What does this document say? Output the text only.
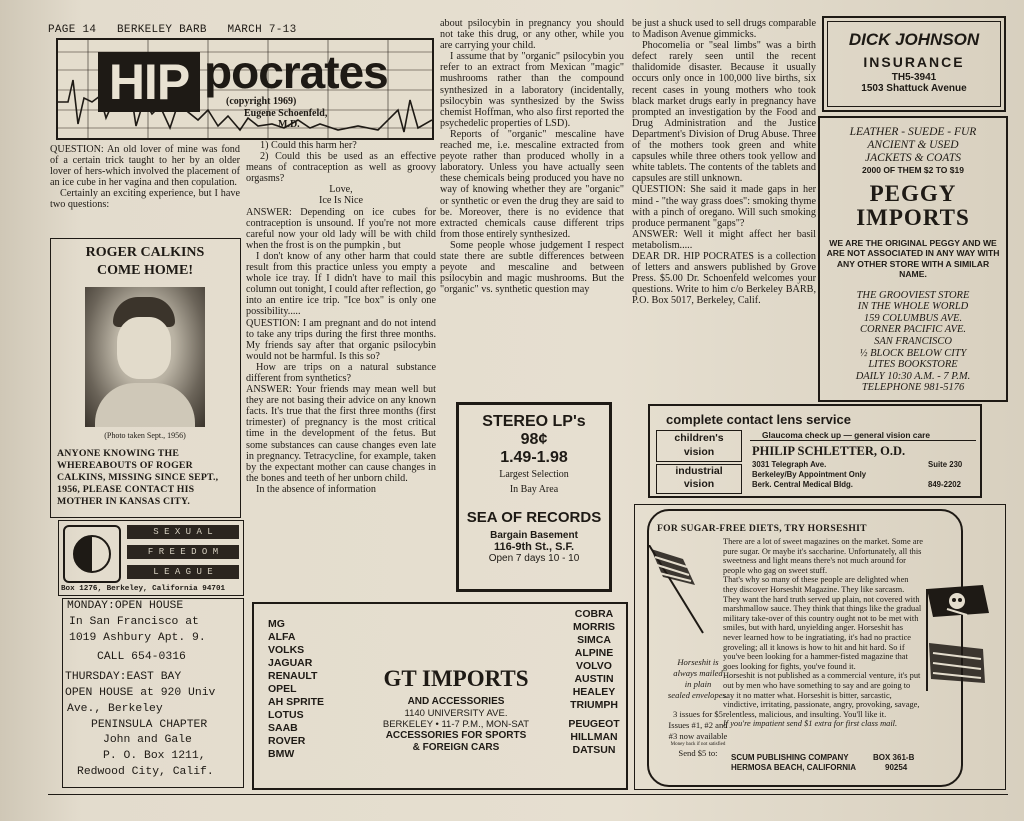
PAGE 14 BERKELEY BARB MARCH 7-13
HIP pocrates
(copyright 1969)
Eugene Schoenfeld,
M.D.

QUESTION: An old lover of mine was fond of a certain trick taught to her by an older lover of hers-which involved the placement of an ice cube in her vagina and then copulation.

Certainly an exciting experience, but I have two questions:

ROGER CALKINS
COME HOME!
(Photo taken Sept., 1956)
ANYONE KNOWING THE WHEREABOUTS OF ROGER CALKINS, MISSING SINCE SEPT., 1956, PLEASE CONTACT HIS MOTHER IN KANSAS CITY.
S E X U A L
F R E E D O M
L E A G U E
Box 1276, Berkeley, California 94701
MONDAY:OPEN HOUSE
In San Francisco at
1019 Ashbury Apt. 9.
CALL 654-0316
THURSDAY:EAST BAY
OPEN HOUSE at 920 Univ
Ave., Berkeley
PENINSULA CHAPTER
John and Gale
P. O. Box 1211,
Redwood City, Calif.

1) Could this harm her?

2) Could this be used as an effective means of contraception as well as groovy orgasms?

Love,

Ice Is Nice

ANSWER: Depending on ice cubes for contraception is unsound. If you're not more careful now your old lady will be with child when the frost is on the pumpkin , but

I don't know of any other harm that could result from this practice unless you empty a whole ice tray. If I didn't have to mail this column out tonight, I could after reflection, go into an entire ice trip. "Ice box" is only one possibility.....

QUESTION: I am pregnant and do not intend to take any trips during the first three months. My friends say after that organic psilocybin would not be harmful. Is this so?

How are trips on a natural substance different from synthetics?

ANSWER: Your friends may mean well but they are not basing their advice on any known facts. It's true that the first three months (first trimester) of pregnancy is the most critical time in the development of the fetus. But some substances can cause changes even late in pregnancy. Tetracycline, for example, taken by the expectant mother can cause changes in the bones and teeth of her unborn child.

In the absence of information

about psilocybin in pregnancy you should not take this drug, or any other, while you are carrying your child.

I assume that by "organic" psilocybin you refer to an extract from Mexican "magic" mushrooms rather than the compound synthesized in a laboratory (incidentally, psilocybin was synthesized by the Swiss chemist Hoffman, who also first reported the psychedelic properties of LSD).

Reports of "organic" mescaline have reached me, i.e. mescaline extracted from peyote rather than produced wholly in a laboratory. Unless you have actually seen these chemicals being produced you have no way of knowing whether they are "organic" or synthetic or even the drug they are said to be. Moreover, there is no evidence that extracted chemicals cause different trips from those entirely synthesized.

Some people whose judgement I respect state there are subtle differences between peyote and mescaline and between psilocybin and magic mushrooms. But the "organic" vs. synthetic question may

be just a shuck used to sell drugs comparable to Madison Avenue gimmicks.

Phocomelia or "seal limbs" was a birth defect rarely seen until the recent thalidomide disaster. Because it usually occurs only once in 100,000 live births, six recent cases in young mothers who took black market drugs early in pregnancy have prompted an investigation by the Food and Drug Administration and the Justice Department's Division of Drug Abuse. Three of the mothers took green and white capsules while three others took yellow and white tablets. The contents of the tablets and capsules are still unknown.

QUESTION: She said it made gaps in her mind - "the way grass does": smoking thyme with a pinch of oregano. Will such smoking produce permanent "gaps"?

ANSWER: Well it might affect her basil metabolism.....

DEAR DR. HIP POCRATES is a collection of letters and answers published by Grove Press. $5.00 Dr. Schoenfeld welcomes your questions. Write to him c/o Berkeley BARB, P.O. Box 5017, Berkeley, Calif.

DICK JOHNSON
INSURANCE
TH5-3941
1503 Shattuck Avenue
LEATHER - SUEDE - FUR
ANCIENT & USED
JACKETS & COATS
2000 OF THEM $2 TO $19
PEGGY
IMPORTS
WE ARE THE ORIGINAL PEGGY AND WE ARE NOT ASSOCIATED IN ANY WAY WITH ANY OTHER STORE WITH A SIMILAR NAME.
THE GROOVIEST STORE
IN THE WHOLE WORLD
159 COLUMBUS AVE.
CORNER PACIFIC AVE.
SAN FRANCISCO
½ BLOCK BELOW CITY
LITES BOOKSTORE
DAILY 10:30 A.M. - 7 P.M.
TELEPHONE 981-5176
STEREO LP's
98¢
1.49-1.98
Largest Selection
In Bay Area
SEA OF RECORDS
Bargain Basement
116-9th St., S.F.
Open 7 days 10 - 10
complete contact lens service
children's
vision
industrial
vision
Glaucoma check up — general vision care
PHILIP SCHLETTER, O.D.
3031 Telegraph Ave.	Suite 230
Berkeley/By Appointment Only
Berk. Central Medical Bldg.	849-2202
MG
ALFA
VOLKS
JAGUAR
RENAULT
OPEL
AH SPRITE
LOTUS
SAAB
ROVER
BMW
COBRA
MORRIS
SIMCA
ALPINE
VOLVO
AUSTIN
HEALEY
TRIUMPH
PEUGEOT
HILLMAN
DATSUN
GT IMPORTS
AND ACCESSORIES
1140 UNIVERSITY AVE.
BERKELEY • 11-7 P.M., MON-SAT
ACCESSORIES FOR SPORTS
& FOREIGN CARS
FOR SUGAR-FREE DIETS, TRY HORSESHIT

There are a lot of sweet magazines on the market. Some are pure sugar. Or maybe it's saccharine. Unfortunately, all this sweetness and light means there's not much around for people who gag on sweet stuff.

That's why so many of these people are delighted when they discover Horseshit Magazine. They like sarcasm. They want the hard truth served up plain, not covered with marshmallow sauce. They think that things like the gradual military take-over of this country ought not to be met with smiles, but with hard, unyielding anger. Horseshit has never learned how to be ingratiating, it's had no practice groveling; all it knows is how to hit and hit hard. So if you've been looking for a hammer-fisted magazine that goes looking for fights, you've found it.

Horseshit is not published as a commercial venture, it's put out by men who have something to say and are going to say it no matter what. Horseshit is bitter, sarcastic, vindictive, irritating, passionate, angry, provoking, savage, relentless, malicious, and insulting. You'll like it.

If you're impatient send $1 extra for first class mail.

Horseshit is
always mailed
in plain
sealed envelopes.
3 issues for $5
Issues #1, #2 and
#3 now available
Money back if not satisfied
Send $5 to:	SCUM PUBLISHING COMPANY	BOX 361-B
HERMOSA BEACH, CALIFORNIA	90254
